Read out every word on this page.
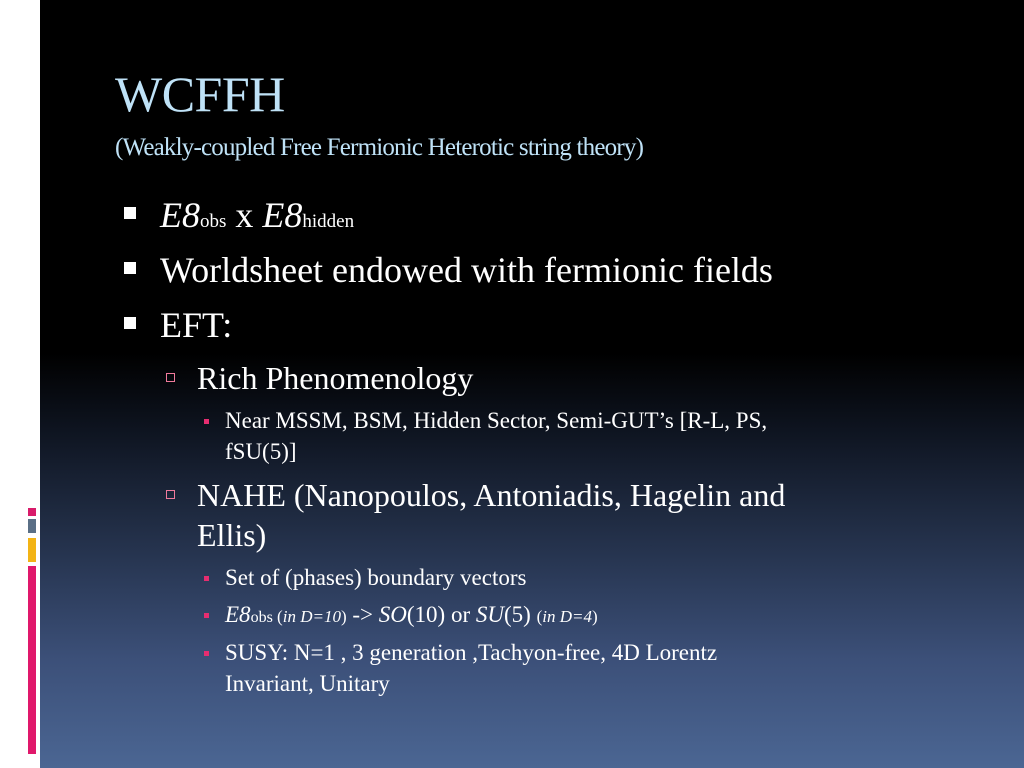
WCFFH
(Weakly-coupled Free Fermionic Heterotic string theory)
E8obs x E8hidden
Worldsheet endowed with fermionic fields
EFT:
Rich Phenomenology
Near MSSM, BSM, Hidden Sector, Semi-GUT’s [R-L, PS,
fSU(5)]
NAHE (Nanopoulos, Antoniadis, Hagelin and
Ellis)
Set of (phases) boundary vectors
E8obs (in D=10) -> SO(10) or SU(5) (in D=4)
SUSY: N=1 , 3 generation ,Tachyon-free, 4D Lorentz
Invariant, Unitary
